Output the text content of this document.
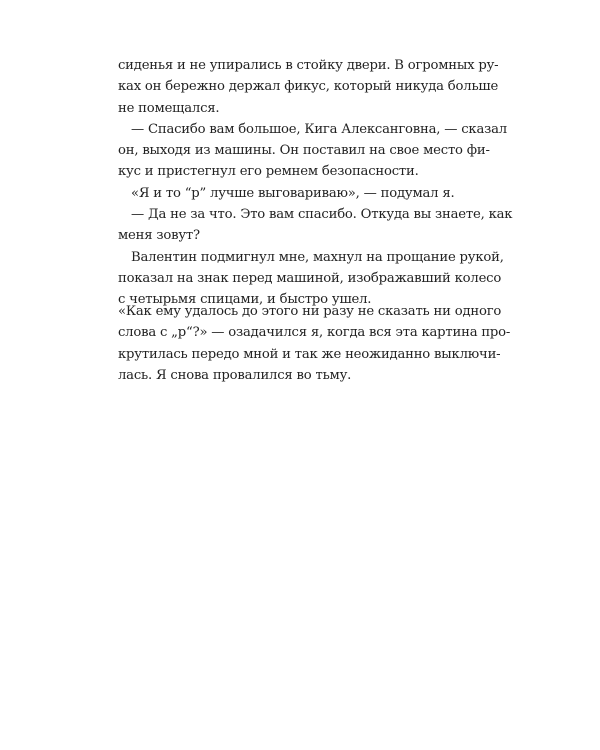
сиденья и не упирались в стойку двери. В огромных ру-
ках он бережно держал фикус, который никуда больше
не помещался.
— Спасибо вам большое, Кига Алексанговна, — сказал
он, выходя из машины. Он поставил на свое место фи-
кус и пристегнул его ремнем безопасности.
«Я и то “р” лучше выговариваю», — подумал я.
— Да не за что. Это вам спасибо. Откуда вы знаете, как
меня зовут?
Валентин подмигнул мне, махнул на прощание рукой,
показал на знак перед машиной, изображавший колесо
с четырьмя спицами, и быстро ушел.
«Как ему удалось до этого ни разу не сказать ни одного
слова с „р“?» — озадачился я, когда вся эта картина про-
крутилась передо мной и так же неожиданно выключи-
лась. Я снова провалился во тьму.
